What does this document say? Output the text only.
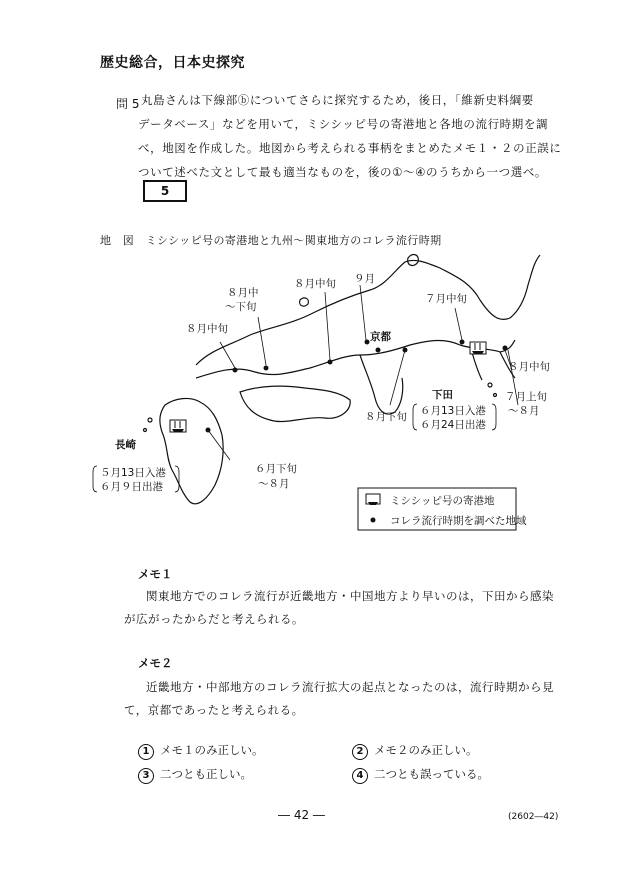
歴史総合，日本史探究
問 5 丸島さんは下線部ⓑについてさらに探究するため，後日，「維新史料綱要
データベース」などを用いて，ミシシッピ号の寄港地と各地の流行時期を調
べ，地図を作成した。地図から考えられる事柄をまとめたメモ１・２の正誤に
ついて述べた文として最も適当なものを，後の①～④のうちから一つ選べ。
5
地　図　ミシシッピ号の寄港地と九州～関東地方のコレラ流行時期
８月中
～下旬
８月中旬
８月中旬 ９月
京都
７月中旬
８月下旬
８月中旬
７月上旬
～８月
下田
６月13日入港
６月24日出港
長崎
５月13日入港
６月９日出港
６月下旬
～８月
ミシシッピ号の寄港地
コレラ流行時期を調べた地域
メモ１
関東地方でのコレラ流行が近畿地方・中国地方より早いのは，下田から感染
が広がったからだと考えられる。
メモ２
近畿地方・中部地方のコレラ流行拡大の起点となったのは，流行時期から見
て，京都であったと考えられる。
1 メモ１のみ正しい。	2 メモ２のみ正しい。
3 二つとも正しい。	4 二つとも誤っている。
― 42 ―	(2602―42)
